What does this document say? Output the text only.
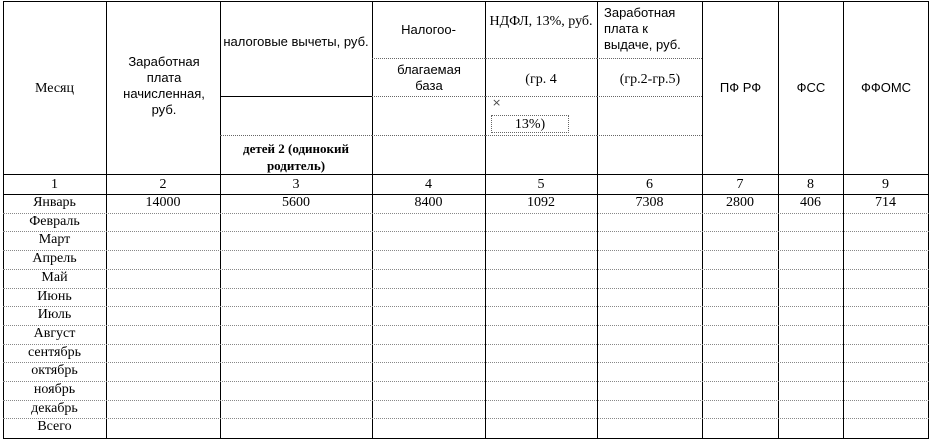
Месяц
Заработная плата начисленная, руб.
налоговые вычеты, руб.
детей 2 (одинокий родитель)
Налогоо-
благаемая база
НДФЛ, 13%, руб.
(гр. 4
×
13%)
Заработная плата к выдаче, руб.
(гр.2-гр.5)
ПФ РФ	ФСС	ФФОМС
1	2	3	4	5	6	7	8	9
Январь	14000	5600	8400	1092	7308	2800	406	714
Февраль
Март
Апрель
Май
Июнь
Июль
Август
сентябрь
октябрь
ноябрь
декабрь
Всего
